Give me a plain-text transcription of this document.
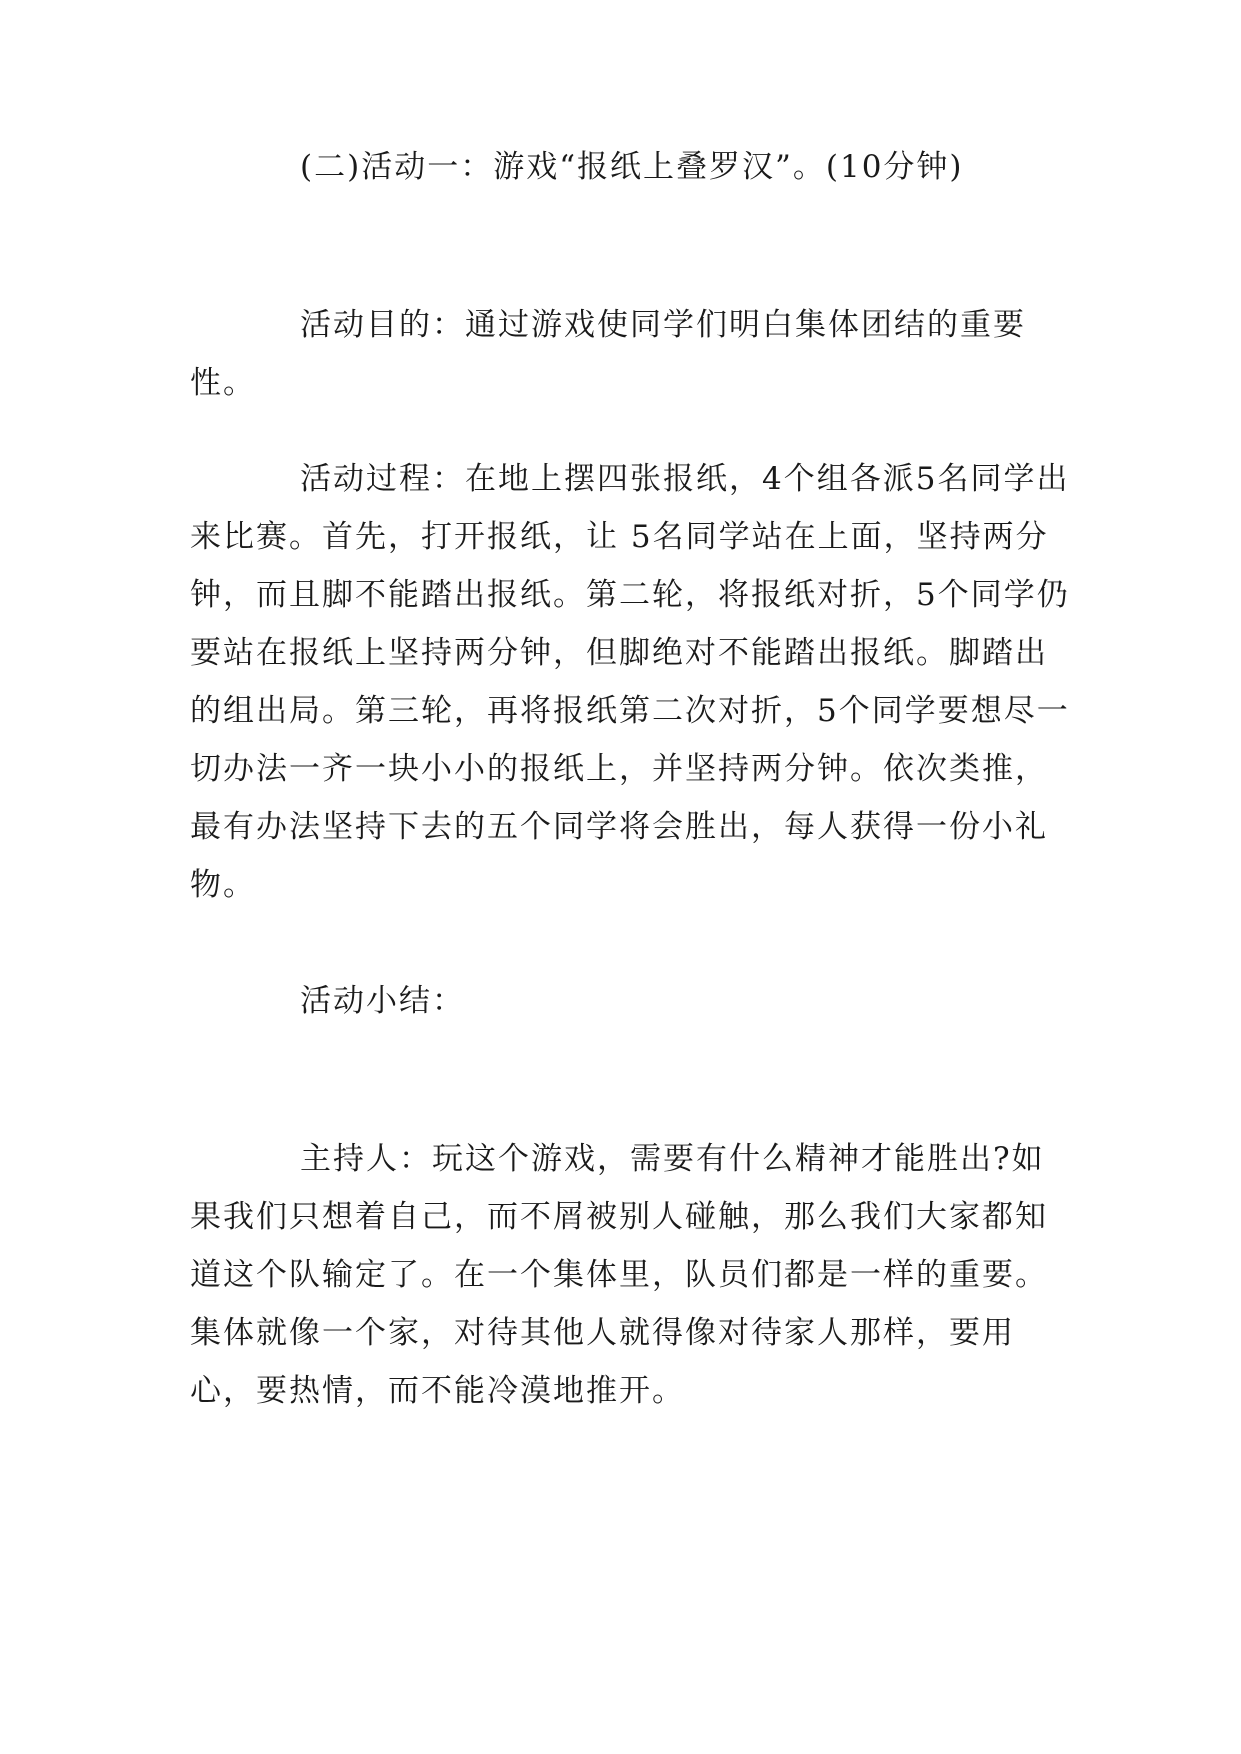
(二)活动一：游戏“报纸上叠罗汉”。(10分钟)

活动目的：通过游戏使同学们明白集体团结的重要性。

活动过程：在地上摆四张报纸，4个组各派5名同学出来比赛。首先，打开报纸，让 5名同学站在上面，坚持两分钟，而且脚不能踏出报纸。第二轮，将报纸对折，5个同学仍要站在报纸上坚持两分钟，但脚绝对不能踏出报纸。脚踏出的组出局。第三轮，再将报纸第二次对折，5个同学要想尽一切办法一齐一块小小的报纸上，并坚持两分钟。依次类推，最有办法坚持下去的五个同学将会胜出，每人获得一份小礼物。

活动小结：

主持人：玩这个游戏，需要有什么精神才能胜出?如果我们只想着自己，而不屑被别人碰触，那么我们大家都知道这个队输定了。在一个集体里，队员们都是一样的重要。集体就像一个家，对待其他人就得像对待家人那样，要用心，要热情，而不能冷漠地推开。
